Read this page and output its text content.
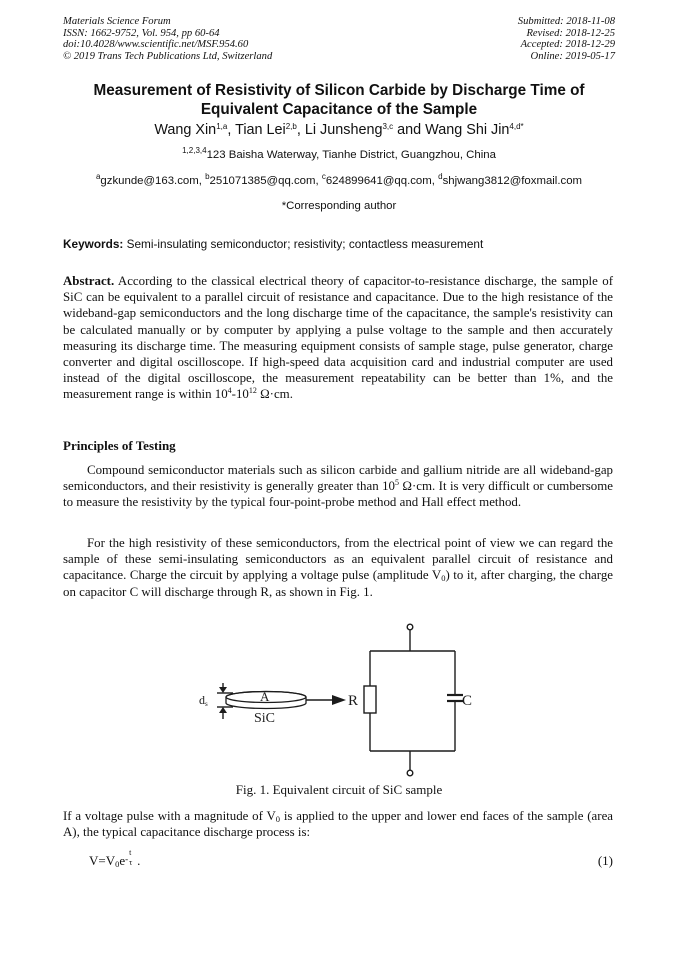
Materials Science Forum
ISSN: 1662-9752, Vol. 954, pp 60-64
doi:10.4028/www.scientific.net/MSF.954.60
© 2019 Trans Tech Publications Ltd, Switzerland
Submitted: 2018-11-08
Revised: 2018-12-25
Accepted: 2018-12-29
Online: 2019-05-17
Measurement of Resistivity of Silicon Carbide by Discharge Time of
Equivalent Capacitance of the Sample
Wang Xin$^{1,a}$, Tian Lei$^{2,b}$, Li Junsheng$^{3,c}$ and Wang Shi Jin$^{4,d*}$
$^{1,2,3,4}$123 Baisha Waterway, Tianhe District, Guangzhou, China
$^a$gzkunde@163.com, $^b$251071385@qq.com, $^c$624899641@qq.com, $^d$shjwang3812@foxmail.com
*Corresponding author
Keywords: Semi-insulating semiconductor; resistivity; contactless measurement
Abstract. According to the classical electrical theory of capacitor-to-resistance discharge, the sample of SiC can be equivalent to a parallel circuit of resistance and capacitance. Due to the high resistance of the wideband-gap semiconductors and the long discharge time of the capacitance, the sample's resistivity can be calculated manually or by computer by applying a pulse voltage to the sample and then accurately measuring its discharge time. The measuring equipment consists of sample stage, pulse generator, charge converter and digital oscilloscope. If high-speed data acquisition card and industrial computer are used instead of the digital oscilloscope, the measurement repeatability can be better than 1%, and the measurement range is within $10^4-10^{12}$ Ω·cm.
Principles of Testing
Compound semiconductor materials such as silicon carbide and gallium nitride are all wideband-gap semiconductors, and their resistivity is generally greater than $10^5$ Ω·cm. It is very difficult or cumbersome to measure the resistivity by the typical four-point-probe method and Hall effect method.
For the high resistivity of these semiconductors, from the electrical point of view we can regard the sample of these semi-insulating semiconductors as an equivalent parallel circuit of resistance and capacitance. Charge the circuit by applying a voltage pulse (amplitude $V_0$) to it, after charging, the charge on capacitor C will discharge through R, as shown in Fig. 1.
ds	A
SiC
R	C
Fig. 1. Equivalent circuit of SiC sample
If a voltage pulse with a magnitude of $V_0$ is applied to the upper and lower end faces of the sample (area A), the typical capacitance discharge process is:
$V=V_0e$ -
t
τ .	(1)
